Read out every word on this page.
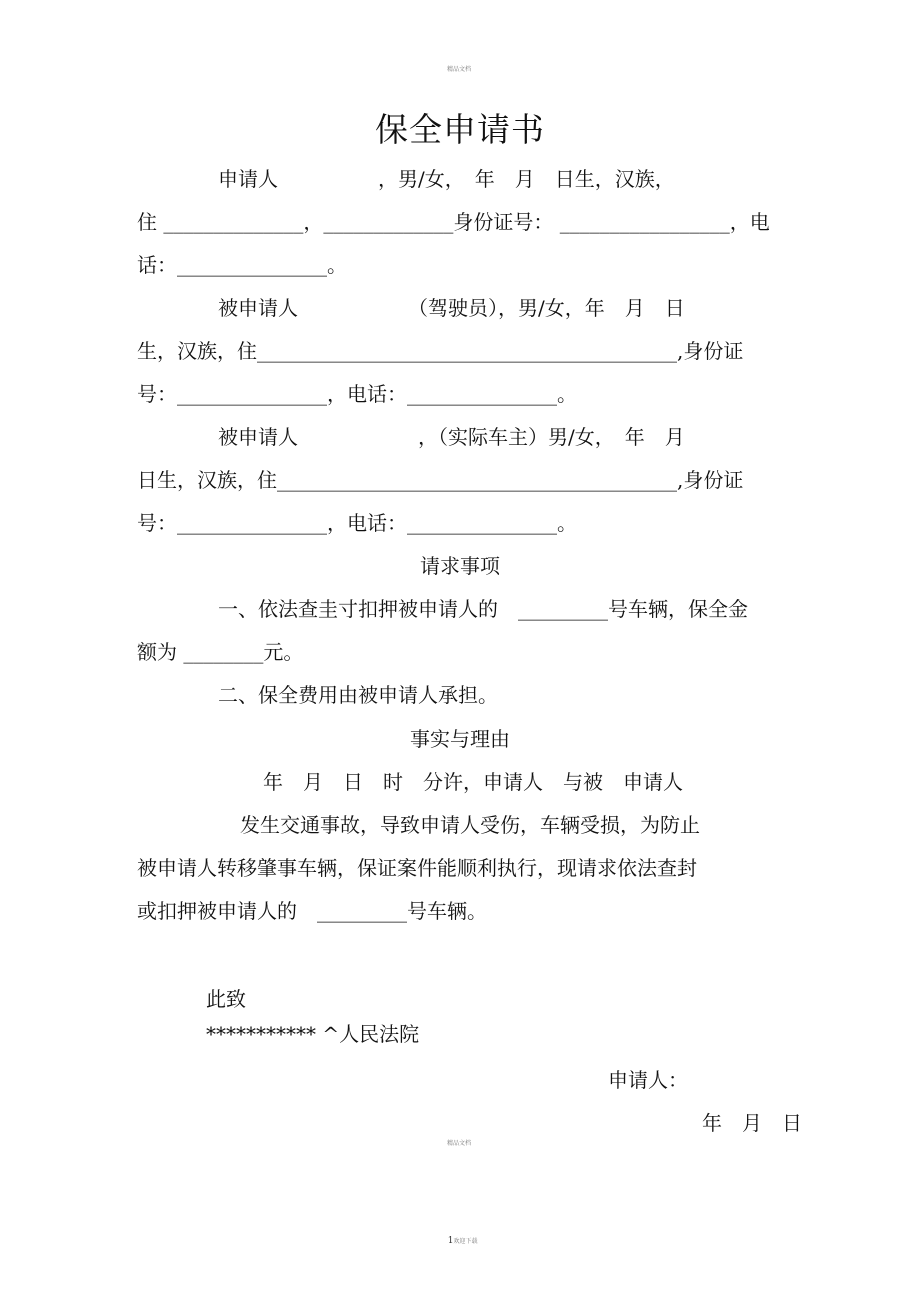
精品文档
保全申请书
申请人　　　　　，男/女，　年　月　日生，汉族，
住 ______________，_____________身份证号： _________________，电
话：_______________。
被申请人　　　　　　（驾驶员），男/女，年　月　日
生，汉族，住__________________________________________,身份证
号：_______________，电话：_______________。
被申请人　　　　　　，（实际车主）男/女，　年　月
日生，汉族，住________________________________________,身份证
号：_______________，电话：_______________。
请求事项
一、依法查圭寸扣押被申请人的　_________号车辆，保全金
额为 ________元。
二、保全费用由被申请人承担。
事实与理由
年　月　日　时　分许，申请人　与被　申请人
发生交通事故，导致申请人受伤，车辆受损，为防止
被申请人转移肇事车辆，保证案件能顺利执行，现请求依法查封
或扣押被申请人的　_________号车辆。
此致
*********** ^人民法院
申请人：
年　月　日
精品文档

1欢迎下载
